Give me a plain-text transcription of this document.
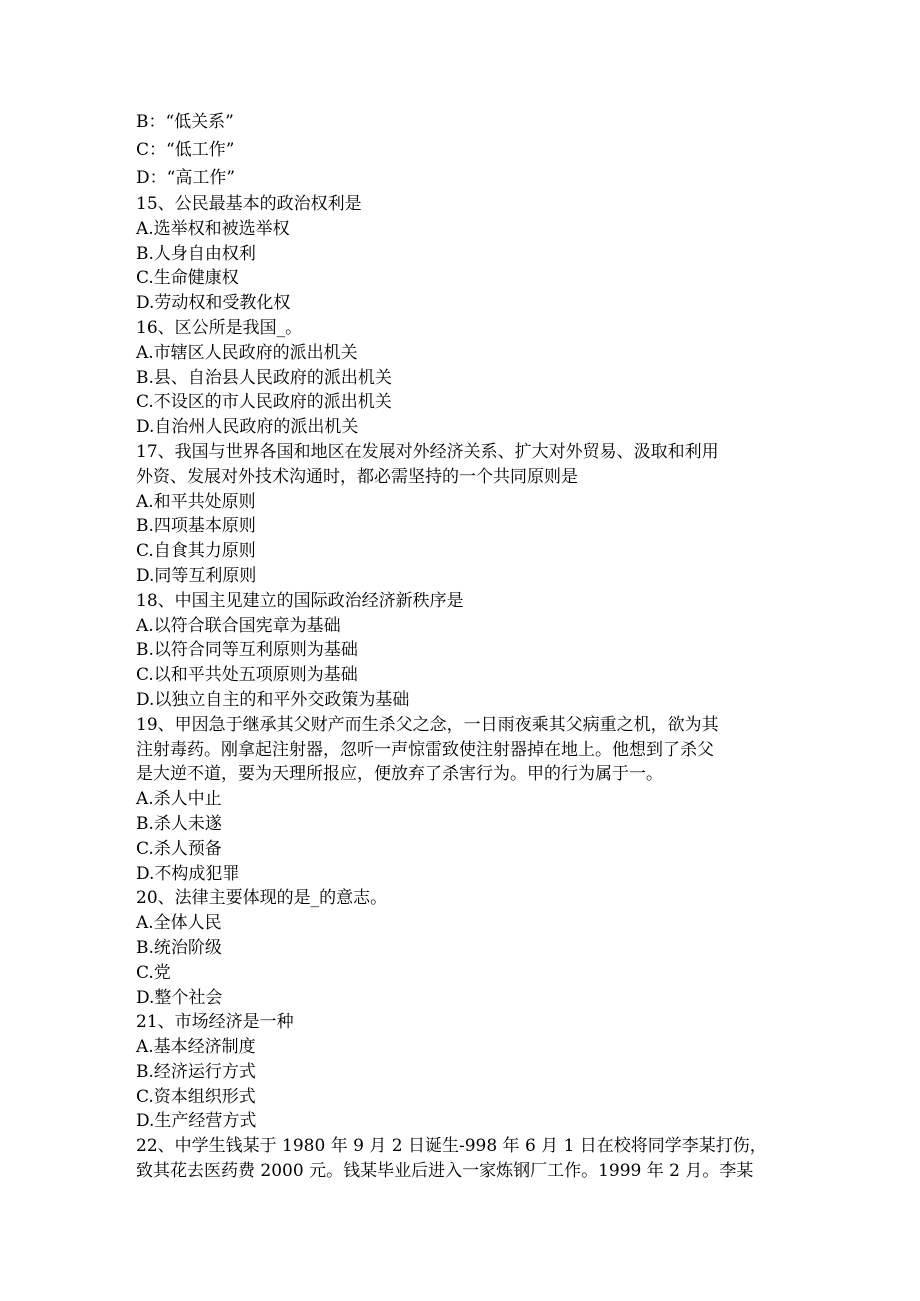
B：“低关系”
C：“低工作”
D：“高工作”
15、公民最基本的政治权利是
A.选举权和被选举权
B.人身自由权利
C.生命健康权
D.劳动权和受教化权
16、区公所是我国_。
A.市辖区人民政府的派出机关
B.县、自治县人民政府的派出机关
C.不设区的市人民政府的派出机关
D.自治州人民政府的派出机关
17、我国与世界各国和地区在发展对外经济关系、扩大对外贸易、汲取和利用
外资、发展对外技术沟通时，都必需坚持的一个共同原则是
A.和平共处原则
B.四项基本原则
C.自食其力原则
D.同等互利原则
18、中国主见建立的国际政治经济新秩序是
A.以符合联合国宪章为基础
B.以符合同等互利原则为基础
C.以和平共处五项原则为基础
D.以独立自主的和平外交政策为基础
19、甲因急于继承其父财产而生杀父之念，一日雨夜乘其父病重之机，欲为其
注射毒药。刚拿起注射器，忽听一声惊雷致使注射器掉在地上。他想到了杀父
是大逆不道，要为天理所报应，便放弃了杀害行为。甲的行为属于一。
A.杀人中止
B.杀人未遂
C.杀人预备
D.不构成犯罪
20、法律主要体现的是_的意志。
A.全体人民
B.统治阶级
C.党
D.整个社会
21、市场经济是一种
A.基本经济制度
B.经济运行方式
C.资本组织形式
D.生产经营方式
22、中学生钱某于 1980 年 9 月 2 日诞生-998 年 6 月 1 日在校将同学李某打伤，
致其花去医药费 2000 元。钱某毕业后进入一家炼钢厂工作。1999 年 2 月。李某
